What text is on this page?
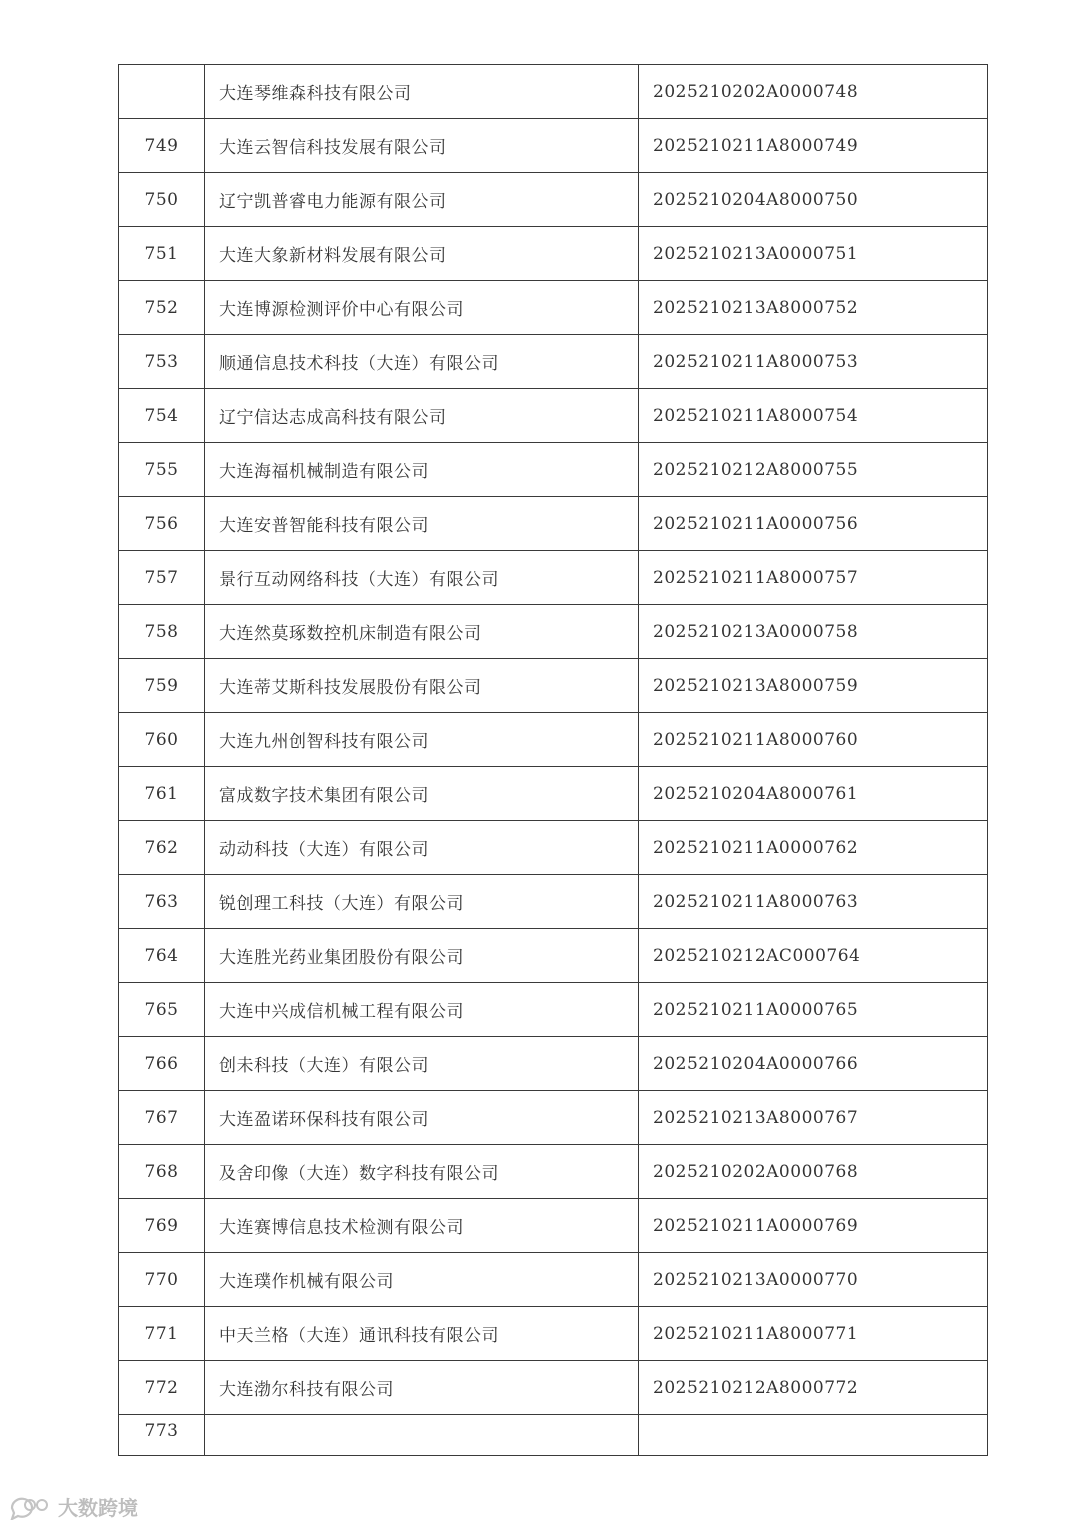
	大连琴维森科技有限公司	2025210202A0000748
749	大连云智信科技发展有限公司	2025210211A8000749
750	辽宁凯普睿电力能源有限公司	2025210204A8000750
751	大连大象新材料发展有限公司	2025210213A0000751
752	大连博源检测评价中心有限公司	2025210213A8000752
753	顺通信息技术科技（大连）有限公司	2025210211A8000753
754	辽宁信达志成高科技有限公司	2025210211A8000754
755	大连海福机械制造有限公司	2025210212A8000755
756	大连安普智能科技有限公司	2025210211A0000756
757	景行互动网络科技（大连）有限公司	2025210211A8000757
758	大连然莫琢数控机床制造有限公司	2025210213A0000758
759	大连蒂艾斯科技发展股份有限公司	2025210213A8000759
760	大连九州创智科技有限公司	2025210211A8000760
761	富成数字技术集团有限公司	2025210204A8000761
762	动动科技（大连）有限公司	2025210211A0000762
763	锐创理工科技（大连）有限公司	2025210211A8000763
764	大连胜光药业集团股份有限公司	2025210212AC000764
765	大连中兴成信机械工程有限公司	2025210211A0000765
766	创未科技（大连）有限公司	2025210204A0000766
767	大连盈诺环保科技有限公司	2025210213A8000767
768	及舍印像（大连）数字科技有限公司	2025210202A0000768
769	大连赛博信息技术检测有限公司	2025210211A0000769
770	大连璞作机械有限公司	2025210213A0000770
771	中天兰格（大连）通讯科技有限公司	2025210211A8000771
772	大连渤尔科技有限公司	2025210212A8000772
773		
大数跨境
